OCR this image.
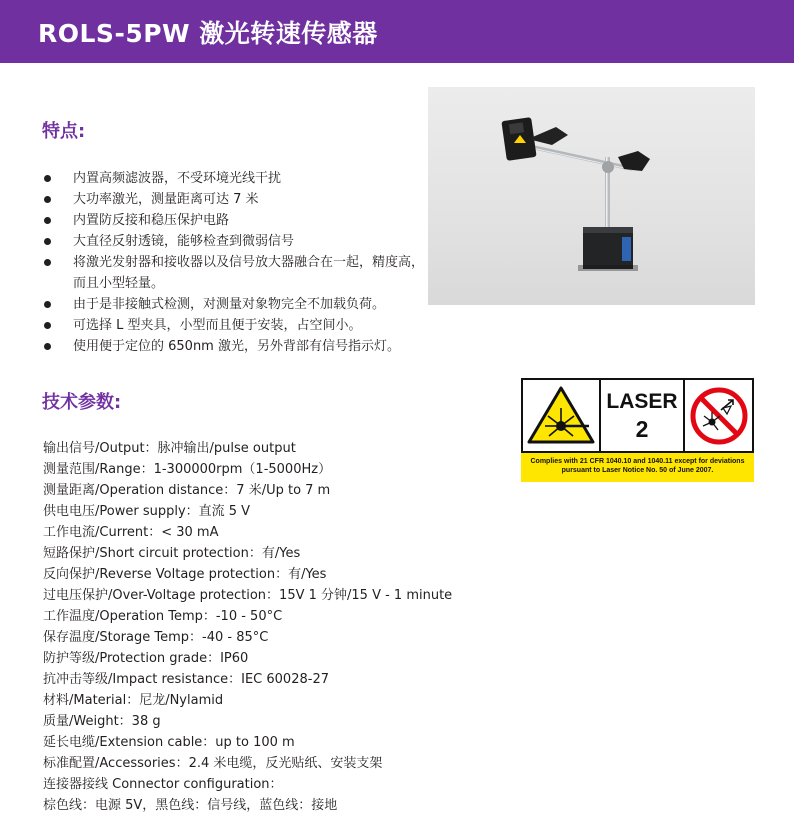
ROLS-5PW 激光转速传感器
特点:
内置高频滤波器，不受环境光线干扰
大功率激光，测量距离可达 7 米
内置防反接和稳压保护电路
大直径反射透镜，能够检查到微弱信号
将激光发射器和接收器以及信号放大器融合在一起，精度高，而且小型轻量。
由于是非接触式检测，对测量对象物完全不加载负荷。
可选择 L 型夹具，小型而且便于安装，占空间小。
使用便于定位的 650nm 激光，另外背部有信号指示灯。
LASER
2
Complies with 21 CFR 1040.10 and 1040.11 except for deviations pursuant to Laser Notice No. 50 of June 2007.
技术参数:
输出信号/Output：脉冲输出/pulse output
测量范围/Range：1-300000rpm（1-5000Hz）
测量距离/Operation distance：7 米/Up to 7 m
供电电压/Power supply：直流 5 V
工作电流/Current：< 30 mA
短路保护/Short circuit protection：有/Yes
反向保护/Reverse Voltage protection：有/Yes
过电压保护/Over-Voltage protection：15V 1 分钟/15 V - 1 minute
工作温度/Operation Temp：-10 - 50°C
保存温度/Storage Temp：-40 - 85°C
防护等级/Protection grade：IP60
抗冲击等级/Impact resistance：IEC 60028-27
材料/Material：尼龙/Nylamid
质量/Weight：38 g
延长电缆/Extension cable：up to 100 m
标准配置/Accessories：2.4 米电缆，反光贴纸、安装支架
连接器接线 Connector configuration：
棕色线：电源 5V，黑色线：信号线，蓝色线：接地
